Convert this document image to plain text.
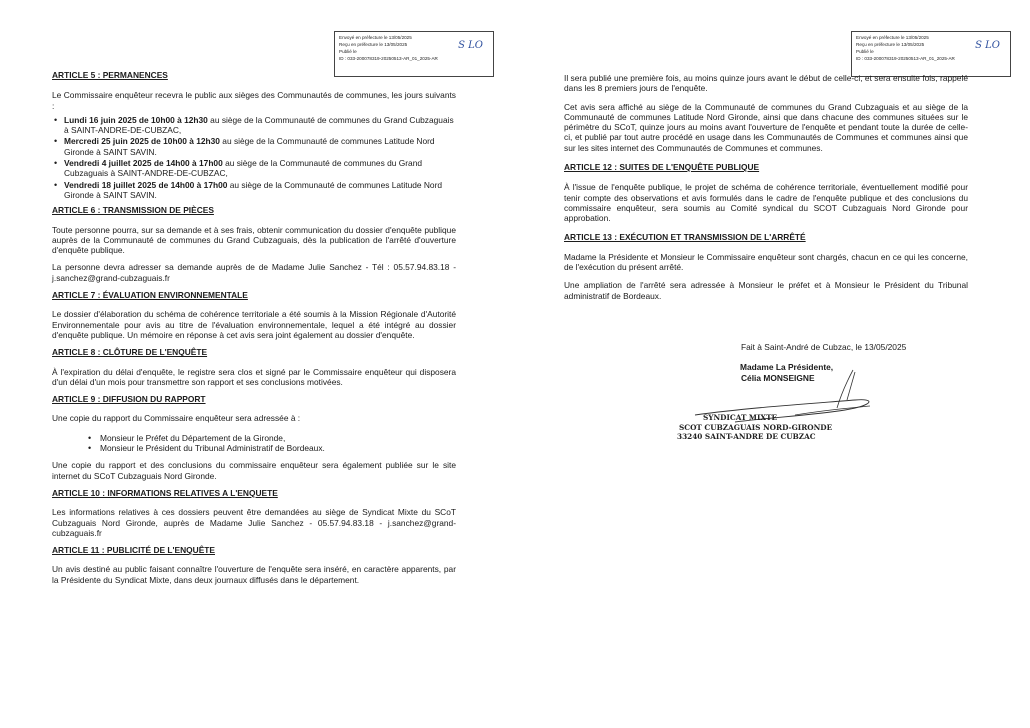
Envoyé en préfecture le 13/05/2025
Reçu en préfecture le 13/05/2025
Publié le
ID : 033-200078319-20250513-AR_01_2025-AR
S LO
ARTICLE 5 : PERMANENCES

Le Commissaire enquêteur recevra le public aux sièges des Communautés de communes, les jours suivants :

• Lundi 16 juin 2025 de 10h00 à 12h30 au siège de la Communauté de communes du Grand Cubzaguais à SAINT-ANDRE-DE-CUBZAC,
• Mercredi 25 juin 2025 de 10h00 à 12h30 au siège de la Communauté de communes Latitude Nord Gironde à SAINT SAVIN.
• Vendredi 4 juillet 2025 de 14h00 à 17h00 au siège de la Communauté de communes du Grand Cubzaguais à SAINT-ANDRE-DE-CUBZAC,
• Vendredi 18 juillet 2025 de 14h00 à 17h00 au siège de la Communauté de communes Latitude Nord Gironde à SAINT SAVIN.
ARTICLE 6 : TRANSMISSION DE PIÈCES

Toute personne pourra, sur sa demande et à ses frais, obtenir communication du dossier d'enquête publique auprès de la Communauté de communes du Grand Cubzaguais, dès la publication de l'arrêté d'ouverture d'enquête publique.

La personne devra adresser sa demande auprès de de Madame Julie Sanchez - Tél : 05.57.94.83.18 - j.sanchez@grand-cubzaguais.fr

ARTICLE 7 : ÉVALUATION ENVIRONNEMENTALE

Le dossier d'élaboration du schéma de cohérence territoriale a été soumis à la Mission Régionale d'Autorité Environnementale pour avis au titre de l'évaluation environnementale, lequel a été intégré au dossier d'enquête publique. Un mémoire en réponse à cet avis sera joint également au dossier d'enquête.

ARTICLE 8 : CLÔTURE DE L'ENQUÊTE

À l'expiration du délai d'enquête, le registre sera clos et signé par le Commissaire enquêteur qui disposera d'un délai d'un mois pour transmettre son rapport et ses conclusions motivées.

ARTICLE 9 : DIFFUSION DU RAPPORT

Une copie du rapport du Commissaire enquêteur sera adressée à :

• Monsieur le Préfet du Département de la Gironde,
• Monsieur le Président du Tribunal Administratif de Bordeaux.

Une copie du rapport et des conclusions du commissaire enquêteur sera également publiée sur le site internet du SCoT Cubzaguais Nord Gironde.

ARTICLE 10 : INFORMATIONS RELATIVES A L'ENQUETE

Les informations relatives à ces dossiers peuvent être demandées au siège de Syndicat Mixte du SCoT Cubzaguais Nord Gironde, auprès de Madame Julie Sanchez - 05.57.94.83.18 - j.sanchez@grand-cubzaguais.fr

ARTICLE 11 : PUBLICITÉ DE L'ENQUÊTE

Un avis destiné au public faisant connaître l'ouverture de l'enquête sera inséré, en caractère apparents, par la Présidente du Syndicat Mixte, dans deux journaux diffusés dans le département.

Envoyé en préfecture le 13/05/2025
Reçu en préfecture le 13/05/2025
Publié le
ID : 033-200078319-20250513-AR_01_2025-AR
S LO

Il sera publié une première fois, au moins quinze jours avant le début de celle-ci, et sera ensuite fois, rappelé dans les 8 premiers jours de l'enquête.

Cet avis sera affiché au siège de la Communauté de communes du Grand Cubzaguais et au siège de la Communauté de communes Latitude Nord Gironde, ainsi que dans chacune des communes situées sur le périmètre du SCoT, quinze jours au moins avant l'ouverture de l'enquête et pendant toute la durée de celle-ci, et publié par tout autre procédé en usage dans les Communautés de Communes et communes ainsi que sur les sites internet des Communautés de Communes et communes.

ARTICLE 12 : SUITES DE L'ENQUÊTE PUBLIQUE

À l'issue de l'enquête publique, le projet de schéma de cohérence territoriale, éventuellement modifié pour tenir compte des observations et avis formulés dans le cadre de l'enquête publique et des conclusions du commissaire enquêteur, sera soumis au Comité syndical du SCOT Cubzaguais Nord Gironde pour approbation.

ARTICLE 13 : EXÉCUTION ET TRANSMISSION DE L'ARRÊTÉ

Madame la Présidente et Monsieur le Commissaire enquêteur sont chargés, chacun en ce qui les concerne, de l'exécution du présent arrêté.

Une ampliation de l'arrêté sera adressée à Monsieur le préfet et à Monsieur le Président du Tribunal administratif de Bordeaux.

Fait à Saint-André de Cubzac, le 13/05/2025
Madame La Présidente,
Célia MONSEIGNE
SYNDICAT MIXTE
SCOT CUBZAGUAIS NORD-GIRONDE
33240 SAINT-ANDRE DE CUBZAC
